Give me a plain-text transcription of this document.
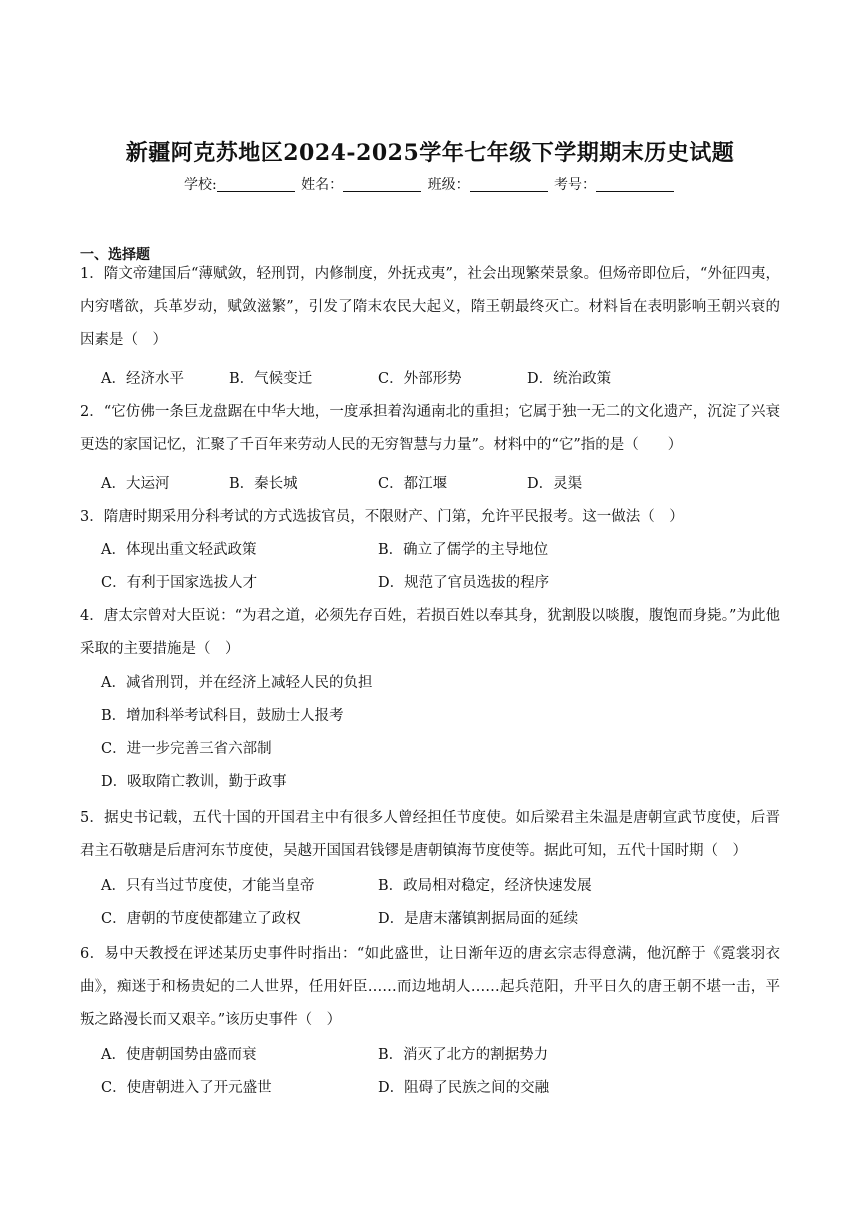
新疆阿克苏地区2024-2025学年七年级下学期期末历史试题
学校:	姓名：	班级：	考号：
一、选择题
1．隋文帝建国后“薄赋敛，轻刑罚，内修制度，外抚戎夷”，社会出现繁荣景象。但炀帝即位后，“外征四夷，内穷嗜欲，兵革岁动，赋敛滋繁”，引发了隋末农民大起义，隋王朝最终灭亡。材料旨在表明影响王朝兴衰的因素是（　）
A．经济水平	B．气候变迁	C．外部形势	D．统治政策
2．“它仿佛一条巨龙盘踞在中华大地，一度承担着沟通南北的重担；它属于独一无二的文化遗产，沉淀了兴衰更迭的家国记忆，汇聚了千百年来劳动人民的无穷智慧与力量”。材料中的“它”指的是（　　）
A．大运河	B．秦长城	C．都江堰	D．灵渠
3．隋唐时期采用分科考试的方式选拔官员，不限财产、门第，允许平民报考。这一做法（　）
A．体现出重文轻武政策	B．确立了儒学的主导地位
C．有利于国家选拔人才	D．规范了官员选拔的程序
4．唐太宗曾对大臣说：“为君之道，必须先存百姓，若损百姓以奉其身，犹割股以啖腹，腹饱而身毙。”为此他采取的主要措施是（　）
A．减省刑罚，并在经济上减轻人民的负担
B．增加科举考试科目，鼓励士人报考
C．进一步完善三省六部制
D．吸取隋亡教训，勤于政事
5．据史书记载，五代十国的开国君主中有很多人曾经担任节度使。如后梁君主朱温是唐朝宣武节度使，后晋君主石敬瑭是后唐河东节度使，吴越开国国君钱镠是唐朝镇海节度使等。据此可知，五代十国时期（　）
A．只有当过节度使，才能当皇帝	B．政局相对稳定，经济快速发展
C．唐朝的节度使都建立了政权	D．是唐末藩镇割据局面的延续
6．易中天教授在评述某历史事件时指出：“如此盛世，让日渐年迈的唐玄宗志得意满，他沉醉于《霓裳羽衣曲》，痴迷于和杨贵妃的二人世界，任用奸臣……而边地胡人……起兵范阳，升平日久的唐王朝不堪一击，平叛之路漫长而又艰辛。”该历史事件（　）
A．使唐朝国势由盛而衰	B．消灭了北方的割据势力
C．使唐朝进入了开元盛世	D．阻碍了民族之间的交融
